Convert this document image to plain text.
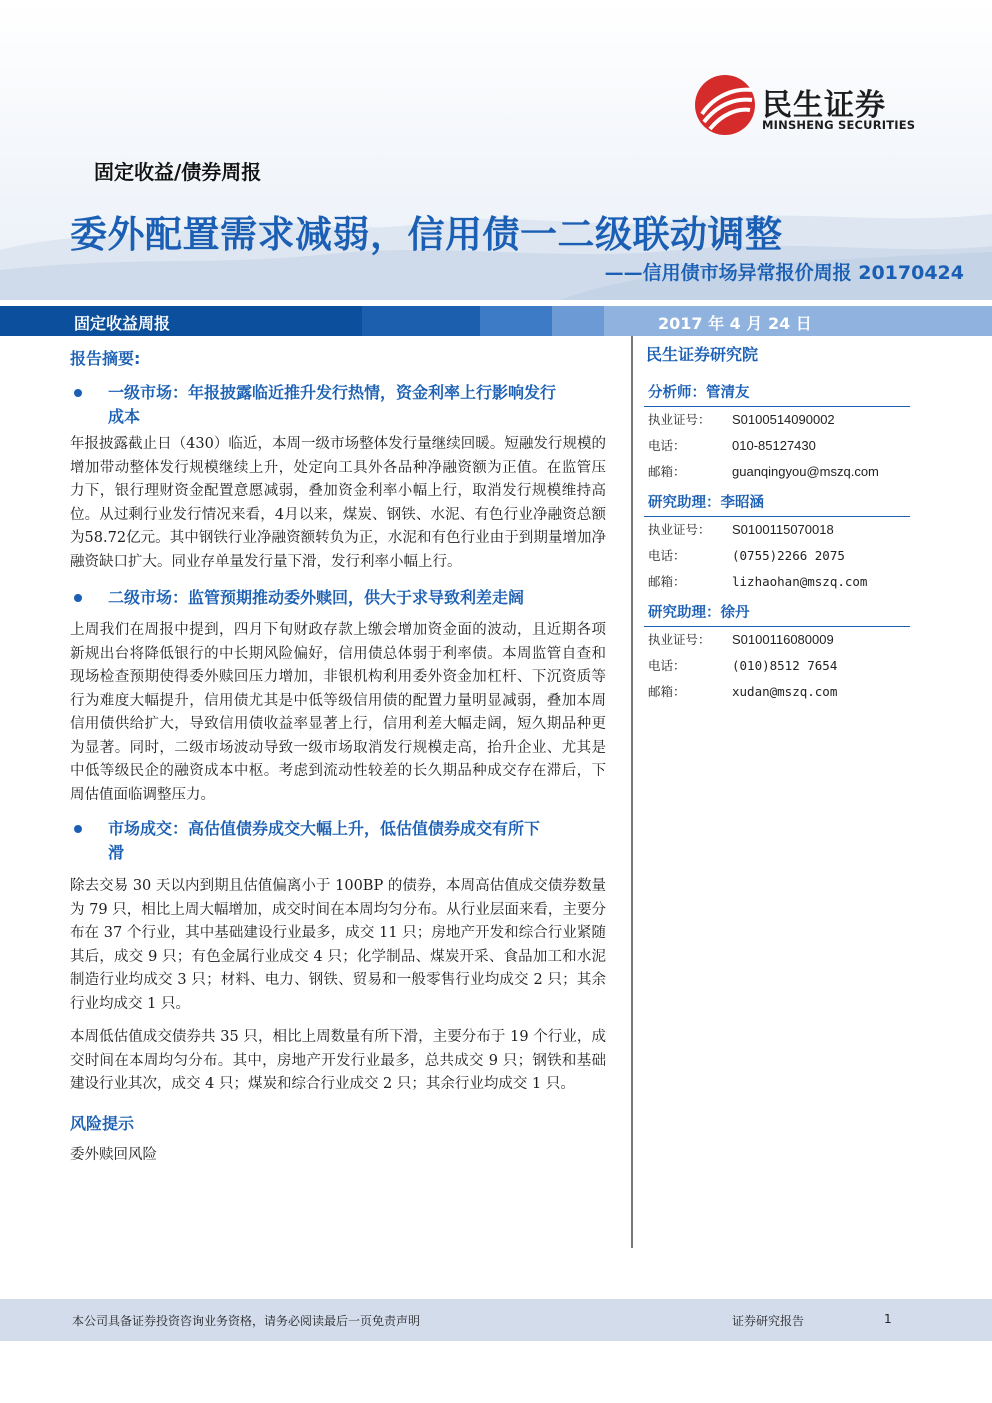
民生证券
MINSHENG SECURITIES
固定收益/债券周报
委外配置需求减弱，信用债一二级联动调整
——信用债市场异常报价周报 20170424
固定收益周报	2017 年 4 月 24 日
报告摘要:
一级市场：年报披露临近推升发行热情，资金利率上行影响发行
成本

年报披露截止日（430）临近，本周一级市场整体发行量继续回暖。短融发行规模的增加带动整体发行规模继续上升，处定向工具外各品种净融资额为正值。在监管压力下，银行理财资金配置意愿减弱，叠加资金利率小幅上行，取消发行规模维持高位。从过剩行业发行情况来看，4月以来，煤炭、钢铁、水泥、有色行业净融资总额为58.72亿元。其中钢铁行业净融资额转负为正，水泥和有色行业由于到期量增加净融资缺口扩大。同业存单量发行量下滑，发行利率小幅上行。

二级市场：监管预期推动委外赎回，供大于求导致利差走阔

上周我们在周报中提到，四月下旬财政存款上缴会增加资金面的波动，且近期各项新规出台将降低银行的中长期风险偏好，信用债总体弱于利率债。本周监管自查和现场检查预期使得委外赎回压力增加，非银机构利用委外资金加杠杆、下沉资质等行为难度大幅提升，信用债尤其是中低等级信用债的配置力量明显减弱，叠加本周信用债供给扩大，导致信用债收益率显著上行，信用利差大幅走阔，短久期品种更为显著。同时，二级市场波动导致一级市场取消发行规模走高，抬升企业、尤其是中低等级民企的融资成本中枢。考虑到流动性较差的长久期品种成交存在滞后，下周估值面临调整压力。

市场成交：高估值债券成交大幅上升，低估值债券成交有所下
滑

除去交易 30 天以内到期且估值偏离小于 100BP 的债券，本周高估值成交债券数量为 79 只，相比上周大幅增加，成交时间在本周均匀分布。从行业层面来看，主要分布在 37 个行业，其中基础建设行业最多，成交 11 只；房地产开发和综合行业紧随其后，成交 9 只；有色金属行业成交 4 只；化学制品、煤炭开采、食品加工和水泥制造行业均成交 3 只；材料、电力、钢铁、贸易和一般零售行业均成交 2 只；其余行业均成交 1 只。

本周低估值成交债券共 35 只，相比上周数量有所下滑，主要分布于 19 个行业，成交时间在本周均匀分布。其中，房地产开发行业最多，总共成交 9 只；钢铁和基础建设行业其次，成交 4 只；煤炭和综合行业成交 2 只；其余行业均成交 1 只。

风险提示

委外赎回风险

民生证券研究院
分析师：管清友
执业证号：	S0100514090002
电话：	010-85127430
邮箱：	guanqingyou@mszq.com
研究助理：李昭涵
执业证号：	S0100115070018
电话：	(0755)2266 2075
邮箱：	lizhaohan@mszq.com
研究助理：徐丹
执业证号：	S0100116080009
电话：	(010)8512 7654
邮箱：	xudan@mszq.com
本公司具备证券投资咨询业务资格，请务必阅读最后一页免责声明	证券研究报告	1
